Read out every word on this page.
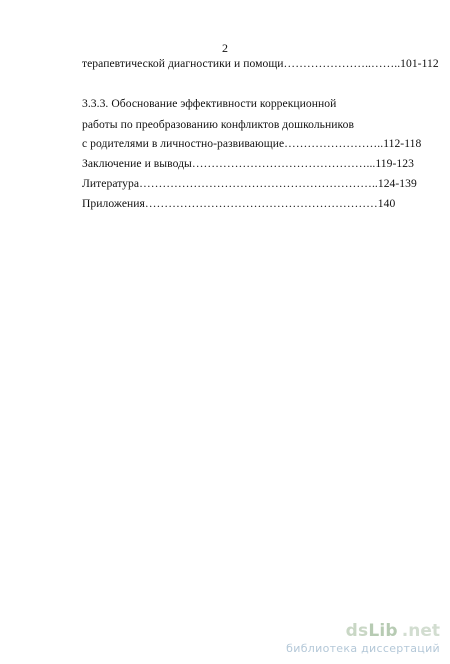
2
терапевтической диагностики и помощи…………………..……..101-112
3.3.3. Обоснование эффективности коррекционной
работы по преобразованию конфликтов дошкольников
с родителями в личностно-развивающие……………………..112-118
Заключение и выводы………………………………………...119-123
Литература……………………………………………………..124-139
Приложения……………………………………………………140
dsLib .net
библиотека диссертаций
